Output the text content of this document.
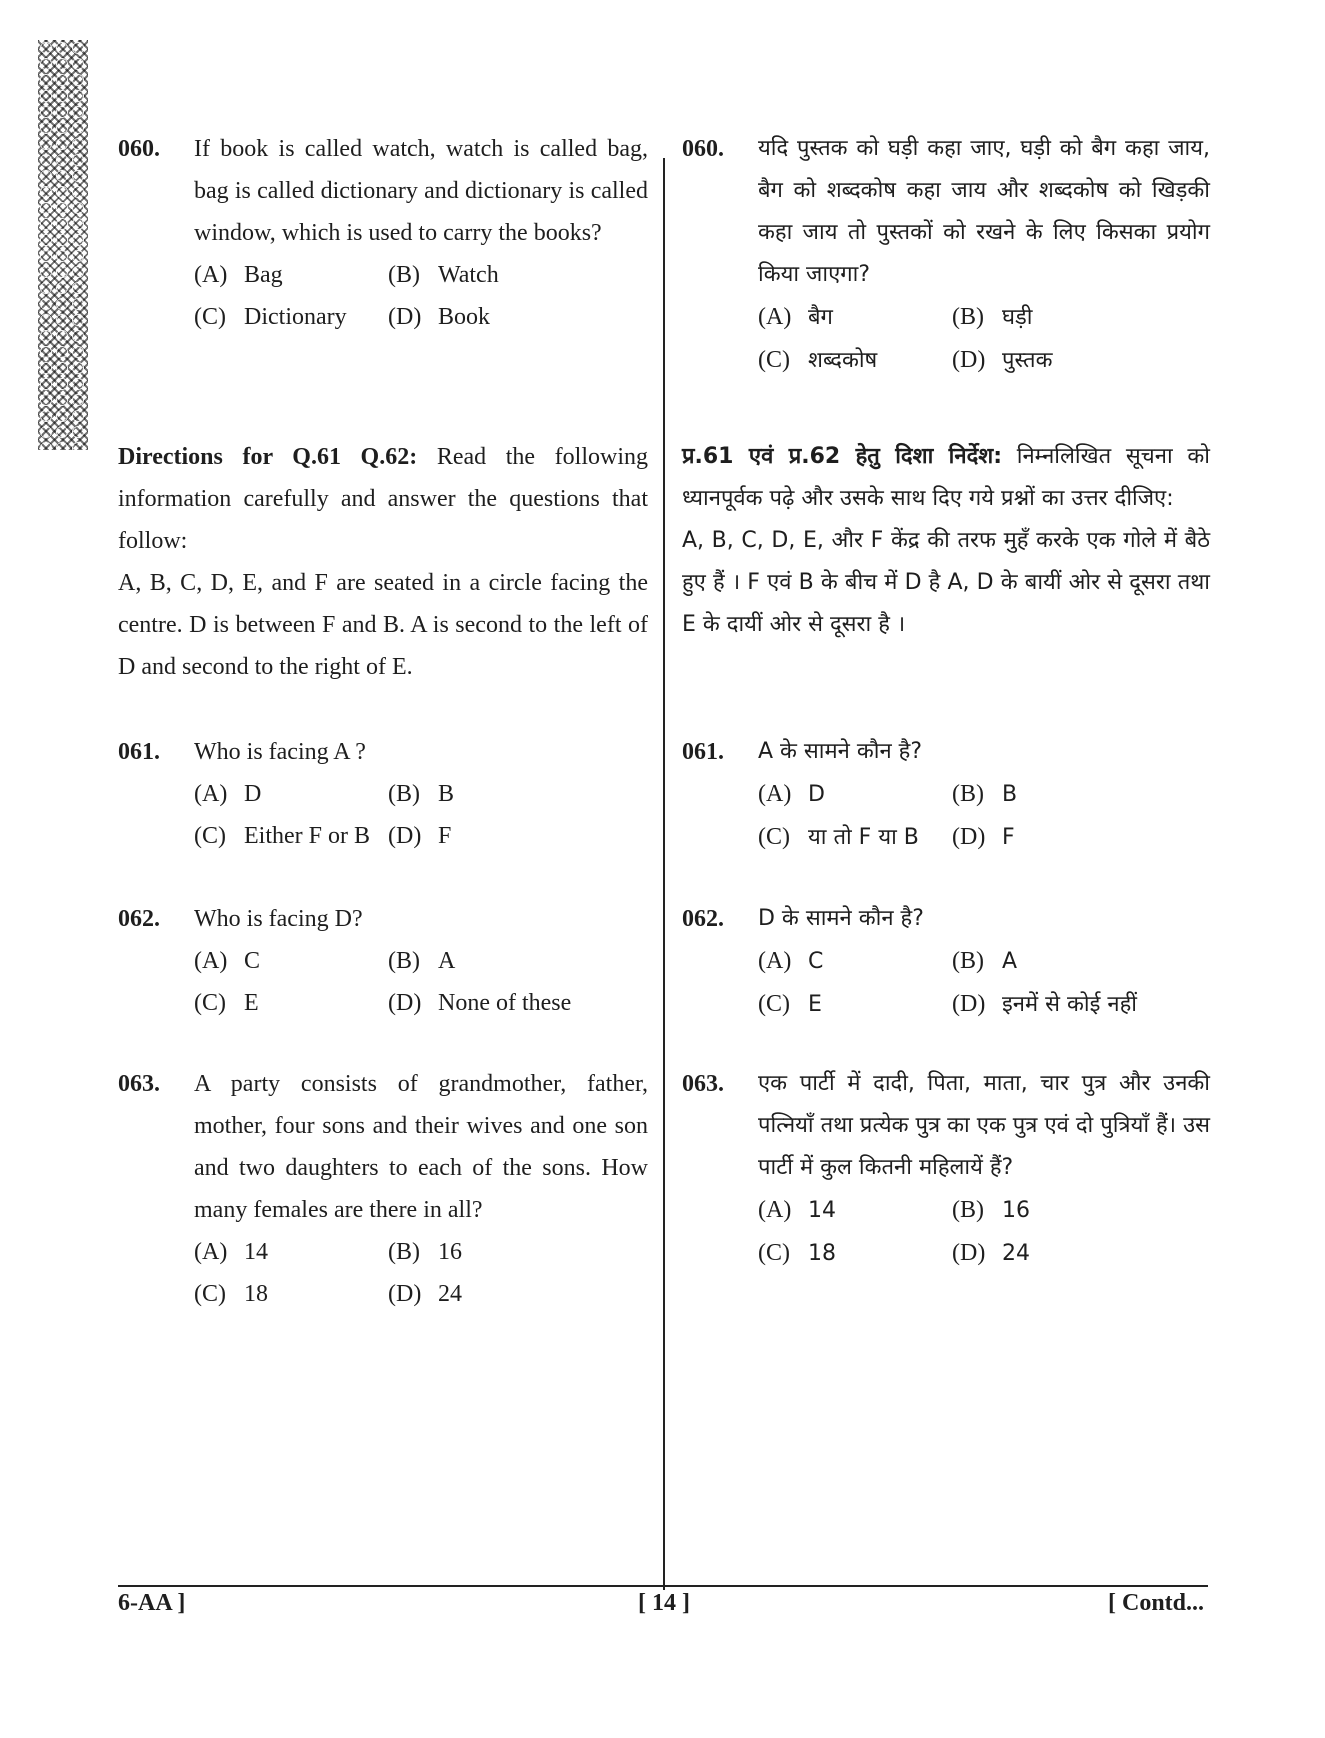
060. If book is called watch, watch is called bag, bag is called dictionary and dictionary is called window, which is used to carry the books?
(A) Bag	(B) Watch
(C) Dictionary	(D) Book
Directions for Q.61 Q.62: Read the following information carefully and answer the questions that follow:
A, B, C, D, E, and F are seated in a circle facing the centre. D is between F and B. A is second to the left of D and second to the right of E.
061. Who is facing A ?
(A) D	(B) B
(C) Either F or B (D) F
062. Who is facing D?
(A) C	(B) A
(C) E	(D) None of these
063. A party consists of grandmother, father, mother, four sons and their wives and one son and two daughters to each of the sons. How many females are there in all?
(A) 14	(B) 16
(C) 18	(D) 24
060. यदि पुस्तक को घड़ी कहा जाए, घड़ी को बैग कहा जाय, बैग को शब्दकोष कहा जाय और शब्दकोष को खिड़की कहा जाय तो पुस्तकों को रखने के लिए किसका प्रयोग किया जाएगा?
(A) बैग	(B) घड़ी
(C) शब्दकोष	(D) पुस्तक
प्र.61 एवं प्र.62 हेतु दिशा निर्देश: निम्नलिखित सूचना को ध्यानपूर्वक पढ़े और उसके साथ दिए गये प्रश्नों का उत्तर दीजिए:
A, B, C, D, E, और F केंद्र की तरफ मुहँ करके एक गोले में बैठे हुए हैं । F एवं B के बीच में D है A, D के बायीं ओर से दूसरा तथा E के दायीं ओर से दूसरा है ।
061. A के सामने कौन है?
(A) D	(B) B
(C) या तो F या B	(D) F
062. D के सामने कौन है?
(A) C	(B) A
(C) E	(D) इनमें से कोई नहीं
063. एक पार्टी में दादी, पिता, माता, चार पुत्र और उनकी पत्नियाँ तथा प्रत्येक पुत्र का एक पुत्र एवं दो पुत्रियाँ हैं। उस पार्टी में कुल कितनी महिलायें हैं?
(A) 14	(B) 16
(C) 18	(D) 24
6-AA ]	[ 14 ]	[ Contd...
